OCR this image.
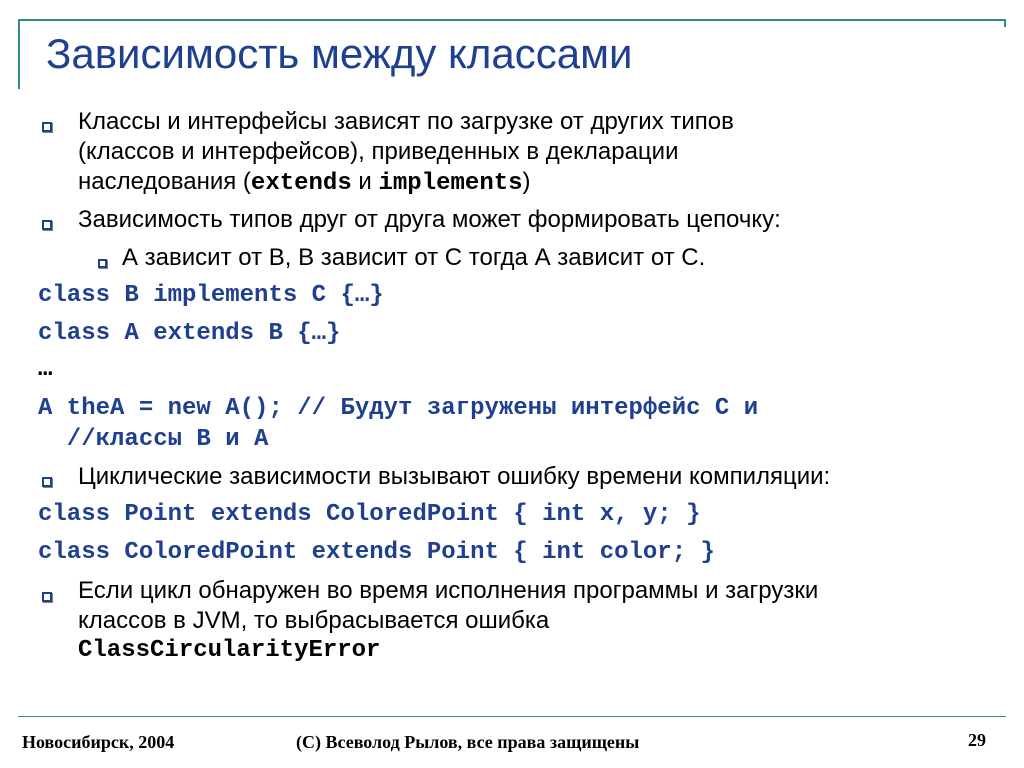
Зависимость между классами
Классы и интерфейсы зависят по загрузке от других типов
(классов и интерфейсов), приведенных в декларации
наследования (extends и implements)
Зависимость типов друг от друга может формировать цепочку:
А зависит от В, В зависит от С тогда А зависит от С.
class B implements C {…}
class A extends B {…}
…
A theA = new A(); // Будут загружены интерфейс С и
//классы В и А
Циклические зависимости вызывают ошибку времени компиляции:
class Point extends ColoredPoint { int x, y; }
class ColoredPoint extends Point { int color; }
Если цикл обнаружен во время исполнения программы и загрузки
классов в JVM, то выбрасывается ошибка
ClassCircularityError
Новосибирск, 2004	(C) Всеволод Рылов, все права защищены	29
